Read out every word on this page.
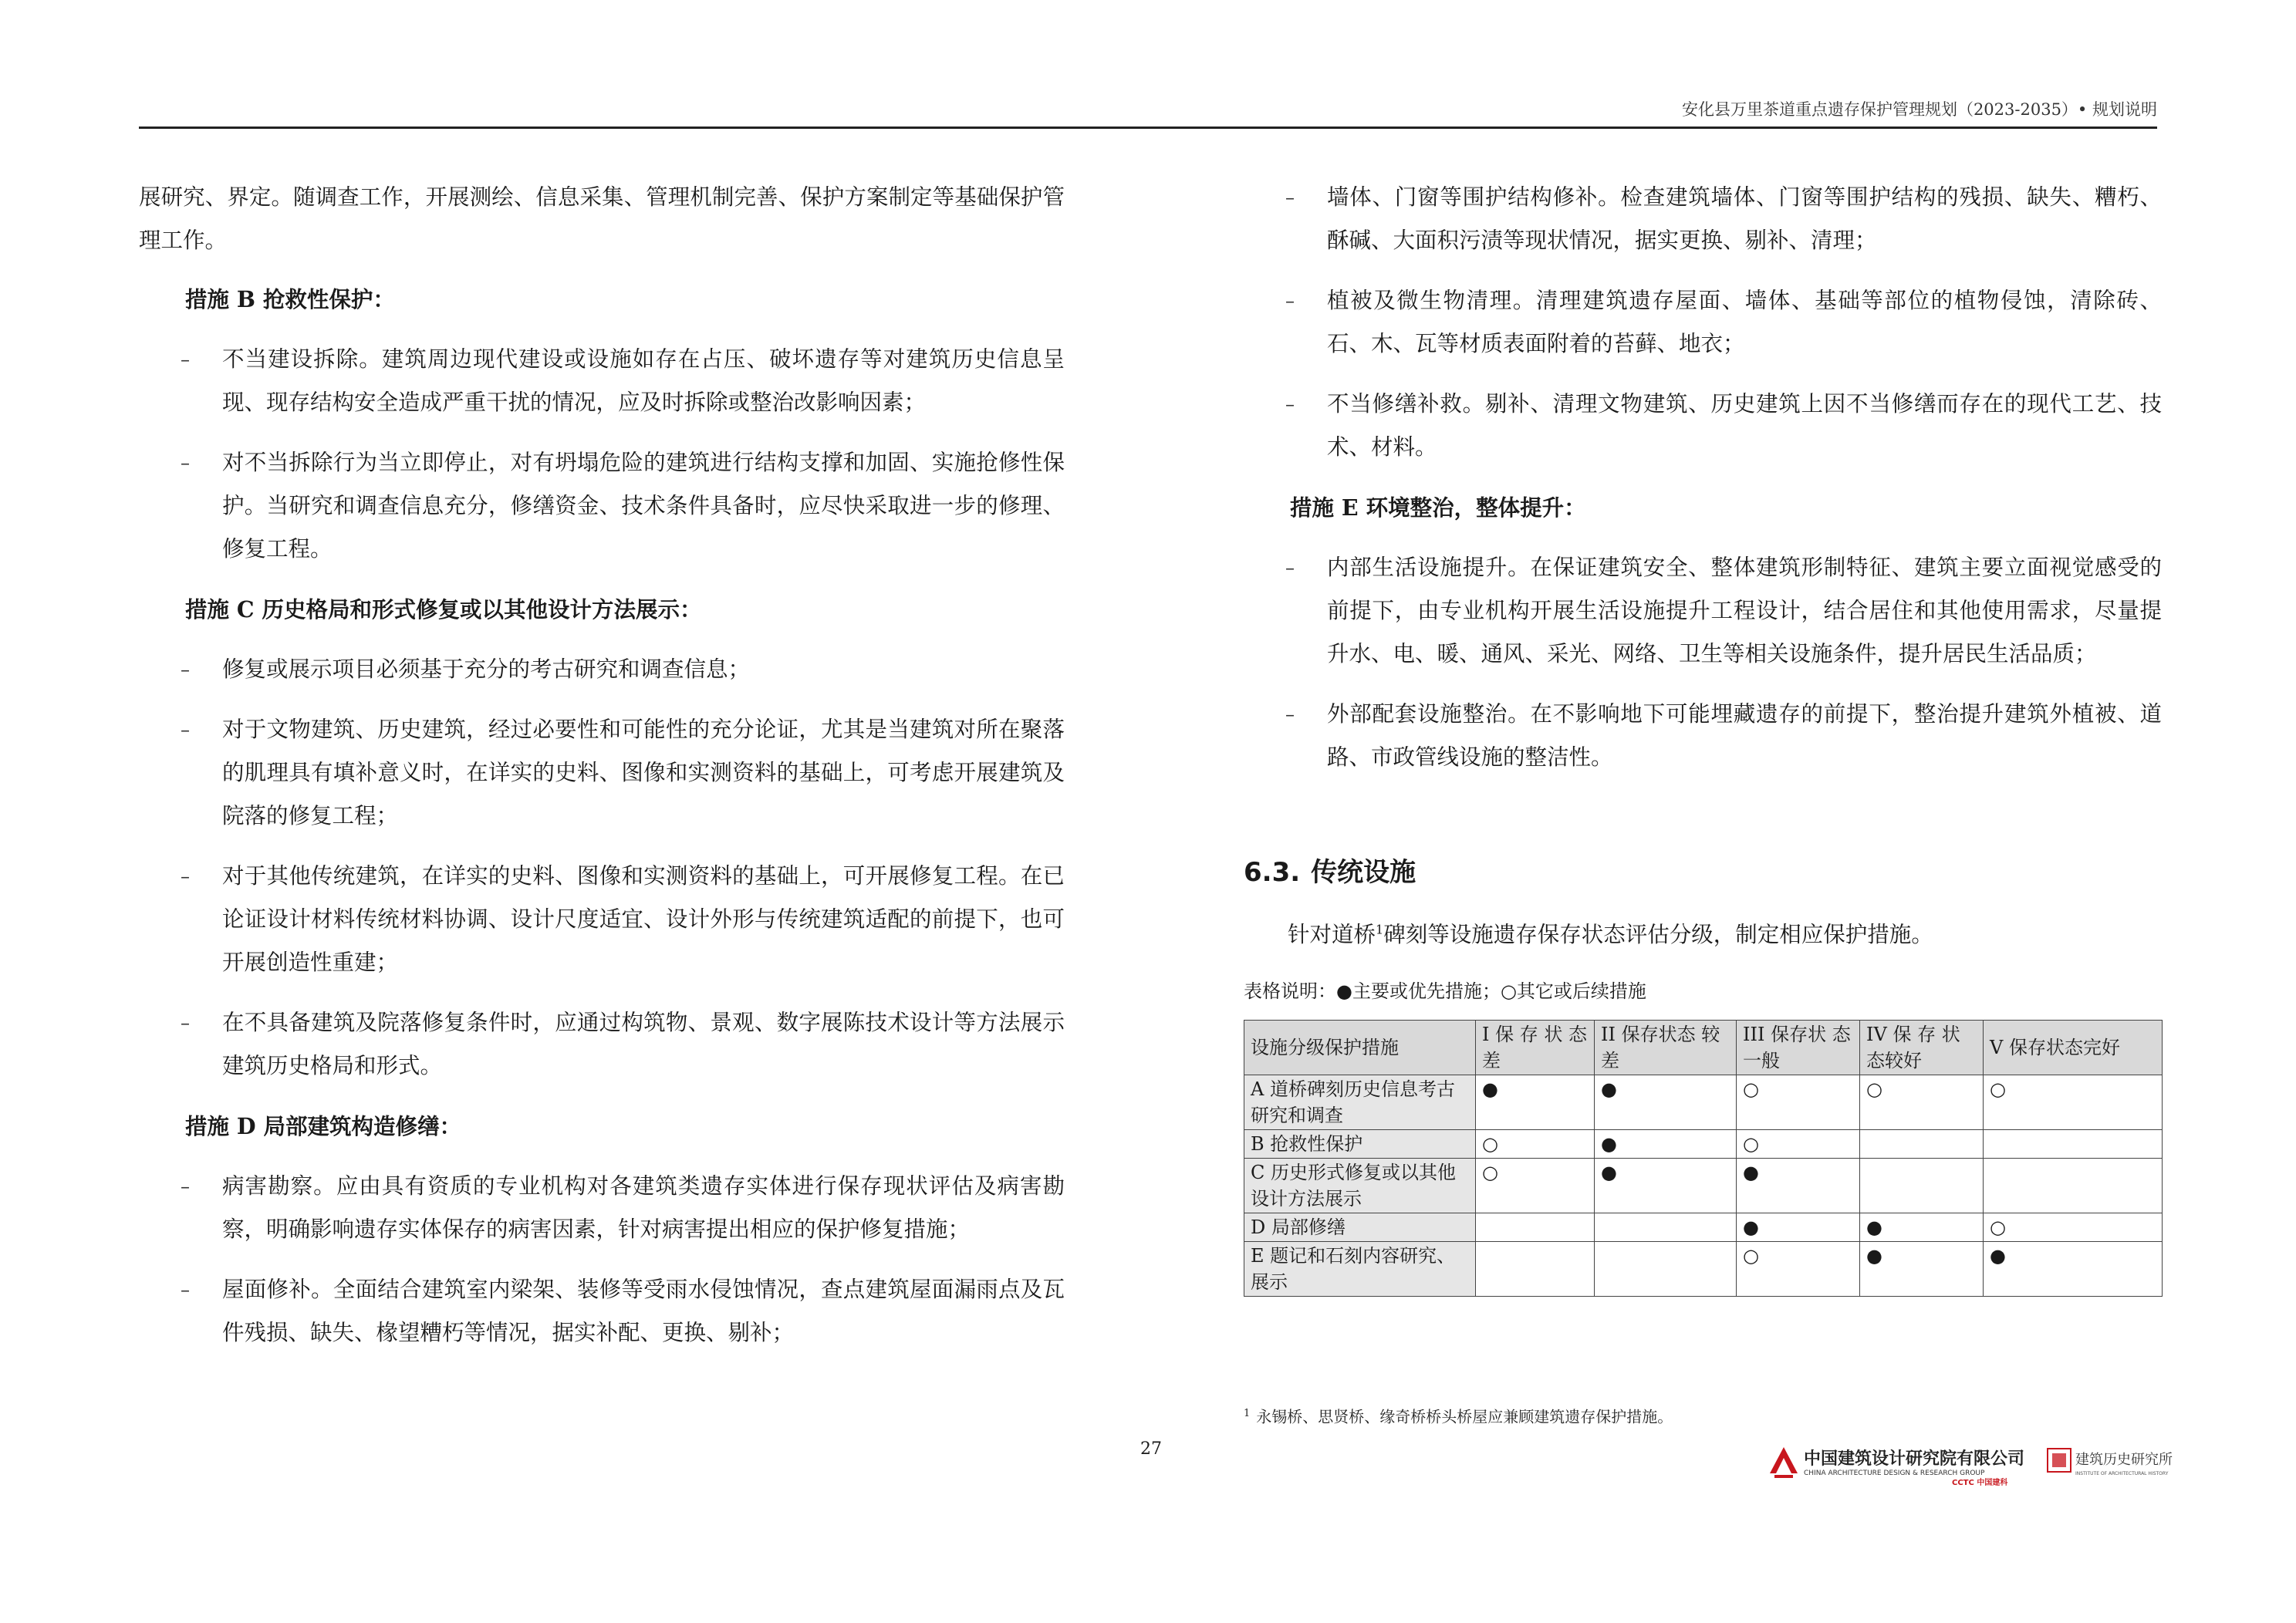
安化县万里茶道重点遗存保护管理规划（2023-2035）• 规划说明

展研究、界定。随调查工作，开展测绘、信息采集、管理机制完善、保护方案制定等基础保护管理工作。

措施 B 抢救性保护：
– 不当建设拆除。建筑周边现代建设或设施如存在占压、破坏遗存等对建筑历史信息呈现、现存结构安全造成严重干扰的情况，应及时拆除或整治改影响因素；
– 对不当拆除行为当立即停止，对有坍塌危险的建筑进行结构支撑和加固、实施抢修性保护。当研究和调查信息充分，修缮资金、技术条件具备时，应尽快采取进一步的修理、修复工程。
措施 C 历史格局和形式修复或以其他设计方法展示：
– 修复或展示项目必须基于充分的考古研究和调查信息；
– 对于文物建筑、历史建筑，经过必要性和可能性的充分论证，尤其是当建筑对所在聚落的肌理具有填补意义时，在详实的史料、图像和实测资料的基础上，可考虑开展建筑及院落的修复工程；
– 对于其他传统建筑，在详实的史料、图像和实测资料的基础上，可开展修复工程。在已论证设计材料传统材料协调、设计尺度适宜、设计外形与传统建筑适配的前提下，也可开展创造性重建；
– 在不具备建筑及院落修复条件时，应通过构筑物、景观、数字展陈技术设计等方法展示建筑历史格局和形式。
措施 D 局部建筑构造修缮：
– 病害勘察。应由具有资质的专业机构对各建筑类遗存实体进行保存现状评估及病害勘察，明确影响遗存实体保存的病害因素，针对病害提出相应的保护修复措施；
– 屋面修补。全面结合建筑室内梁架、装修等受雨水侵蚀情况，查点建筑屋面漏雨点及瓦件残损、缺失、椽望糟朽等情况，据实补配、更换、剔补；
– 墙体、门窗等围护结构修补。检查建筑墙体、门窗等围护结构的残损、缺失、糟朽、酥碱、大面积污渍等现状情况，据实更换、剔补、清理；
– 植被及微生物清理。清理建筑遗存屋面、墙体、基础等部位的植物侵蚀，清除砖、石、木、瓦等材质表面附着的苔藓、地衣；
– 不当修缮补救。剔补、清理文物建筑、历史建筑上因不当修缮而存在的现代工艺、技术、材料。
措施 E 环境整治，整体提升：
– 内部生活设施提升。在保证建筑安全、整体建筑形制特征、建筑主要立面视觉感受的前提下，由专业机构开展生活设施提升工程设计，结合居住和其他使用需求，尽量提升水、电、暖、通风、采光、网络、卫生等相关设施条件，提升居民生活品质；
– 外部配套设施整治。在不影响地下可能埋藏遗存的前提下，整治提升建筑外植被、道路、市政管线设施的整洁性。
6.3. 传统设施

针对道桥$^1$碑刻等设施遗存保存状态评估分级，制定相应保护措施。

表格说明：●主要或优先措施；○其它或后续措施
设施分级保护措施	Ⅰ 保 存 状 态差	II 保存状态 较差	III 保存状 态一般	IV 保 存 状 态较好	V 保存状态完好
A 道桥碑刻历史信息考古研究和调查	●	●	○	○	○
B 抢救性保护	○	●	○		
C 历史形式修复或以其他设计方法展示	○	●	●		
D 局部修缮			●	●	○
E 题记和石刻内容研究、展示			○	●	●
$^1$ 永锡桥、思贤桥、缘奇桥桥头桥屋应兼顾建筑遗存保护措施。
27
中国建筑设计研究院有限公司
CHINA ARCHITECTURE DESIGN & RESEARCH GROUP
CCTC 中国建科
建筑历史研究所
INSTITUTE OF ARCHITECTURAL HISTORY
